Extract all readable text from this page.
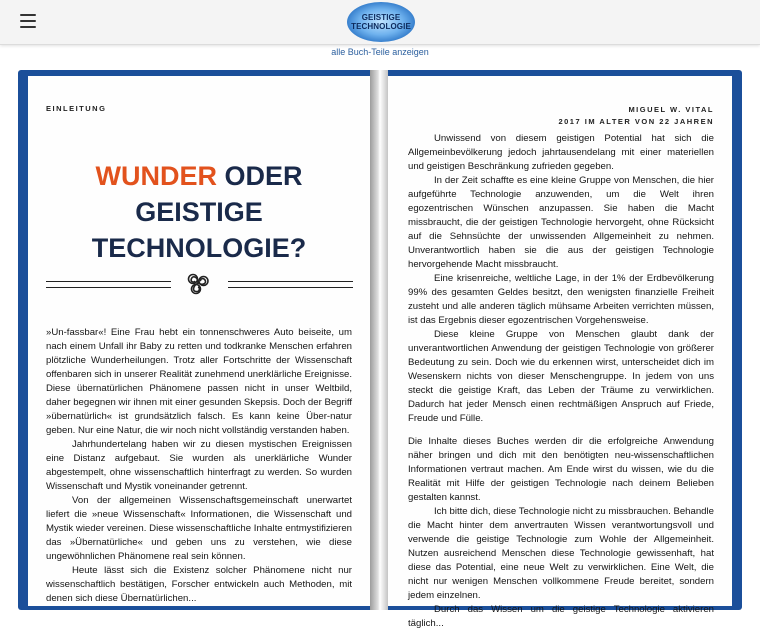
GEISTIGE
TECHNOLOGIE
alle Buch-Teile anzeigen
EINLEITUNG
WUNDER ODER
GEISTIGE
TECHNOLOGIE?

»Un-fassbar«! Eine Frau hebt ein tonnenschweres Auto beiseite, um nach einem Unfall ihr Baby zu retten und todkranke Menschen erfahren plötzliche Wunderheilungen. Trotz aller Fortschritte der Wissenschaft offenbaren sich in unserer Realität zunehmend unerklärliche Ereignisse. Diese übernatürlichen Phänomene passen nicht in unser Weltbild, daher begegnen wir ihnen mit einer gesunden Skepsis. Doch der Begriff »übernatürlich« ist grundsätzlich falsch. Es kann keine Über-natur geben. Nur eine Natur, die wir noch nicht vollständig verstanden haben.

Jahrhundertelang haben wir zu diesen mystischen Ereignissen eine Distanz aufgebaut. Sie wurden als unerklärliche Wunder abgestempelt, ohne wissenschaftlich hinterfragt zu werden. So wurden Wissenschaft und Mystik voneinander getrennt.

Von der allgemeinen Wissenschaftsgemeinschaft unerwartet liefert die »neue Wissenschaft« Informationen, die Wissenschaft und Mystik wieder vereinen. Diese wissenschaftliche Inhalte entmystifizieren das »Übernatürliche« und geben uns zu verstehen, wie diese ungewöhnlichen Phänomene real sein können.

Heute lässt sich die Existenz solcher Phänomene nicht nur wissenschaftlich bestätigen, Forscher entwickeln auch Methoden, mit denen sich diese Übernatürlichen...

MIGUEL W. VITAL
2017 IM ALTER VON 22 JAHREN

Unwissend von diesem geistigen Potential hat sich die Allgemeinbevölkerung jedoch jahrtausendelang mit einer materiellen und geistigen Beschränkung zufrieden gegeben.

In der Zeit schaffte es eine kleine Gruppe von Menschen, die hier aufgeführte Technologie anzuwenden, um die Welt ihren egozentrischen Wünschen anzupassen. Sie haben die Macht missbraucht, die der geistigen Technologie hervorgeht, ohne Rücksicht auf die Sehnsüchte der unwissenden Allgemeinheit zu nehmen. Unverantwortlich haben sie die aus der geistigen Technologie hervorgehende Macht missbraucht.

Eine krisenreiche, weltliche Lage, in der 1% der Erdbevölkerung 99% des gesamten Geldes besitzt, den wenigsten finanzielle Freiheit zusteht und alle anderen täglich mühsame Arbeiten verrichten müssen, ist das Ergebnis dieser egozentrischen Vorgehensweise.

Diese kleine Gruppe von Menschen glaubt dank der unverantwortlichen Anwendung der geistigen Technologie von größerer Bedeutung zu sein. Doch wie du erkennen wirst, unterscheidet dich im Wesenskern nichts von dieser Menschengruppe. In jedem von uns steckt die geistige Kraft, das Leben der Träume zu verwirklichen. Dadurch hat jeder Mensch einen rechtmäßigen Anspruch auf Friede, Freude und Fülle.

Die Inhalte dieses Buches werden dir die erfolgreiche Anwendung näher bringen und dich mit den benötigten neu-wissenschaftlichen Informationen vertraut machen. Am Ende wirst du wissen, wie du die Realität mit Hilfe der geistigen Technologie nach deinem Belieben gestalten kannst.

Ich bitte dich, diese Technologie nicht zu missbrauchen. Behandle die Macht hinter dem anvertrauten Wissen verantwortungsvoll und verwende die geistige Technologie zum Wohle der Allgemeinheit. Nutzen ausreichend Menschen diese Technologie gewissenhaft, hat diese das Potential, eine neue Welt zu verwirklichen. Eine Welt, die nicht nur wenigen Menschen vollkommene Freude bereitet, sondern jedem einzelnen.

Durch das Wissen um die geistige Technologie aktivieren täglich...
